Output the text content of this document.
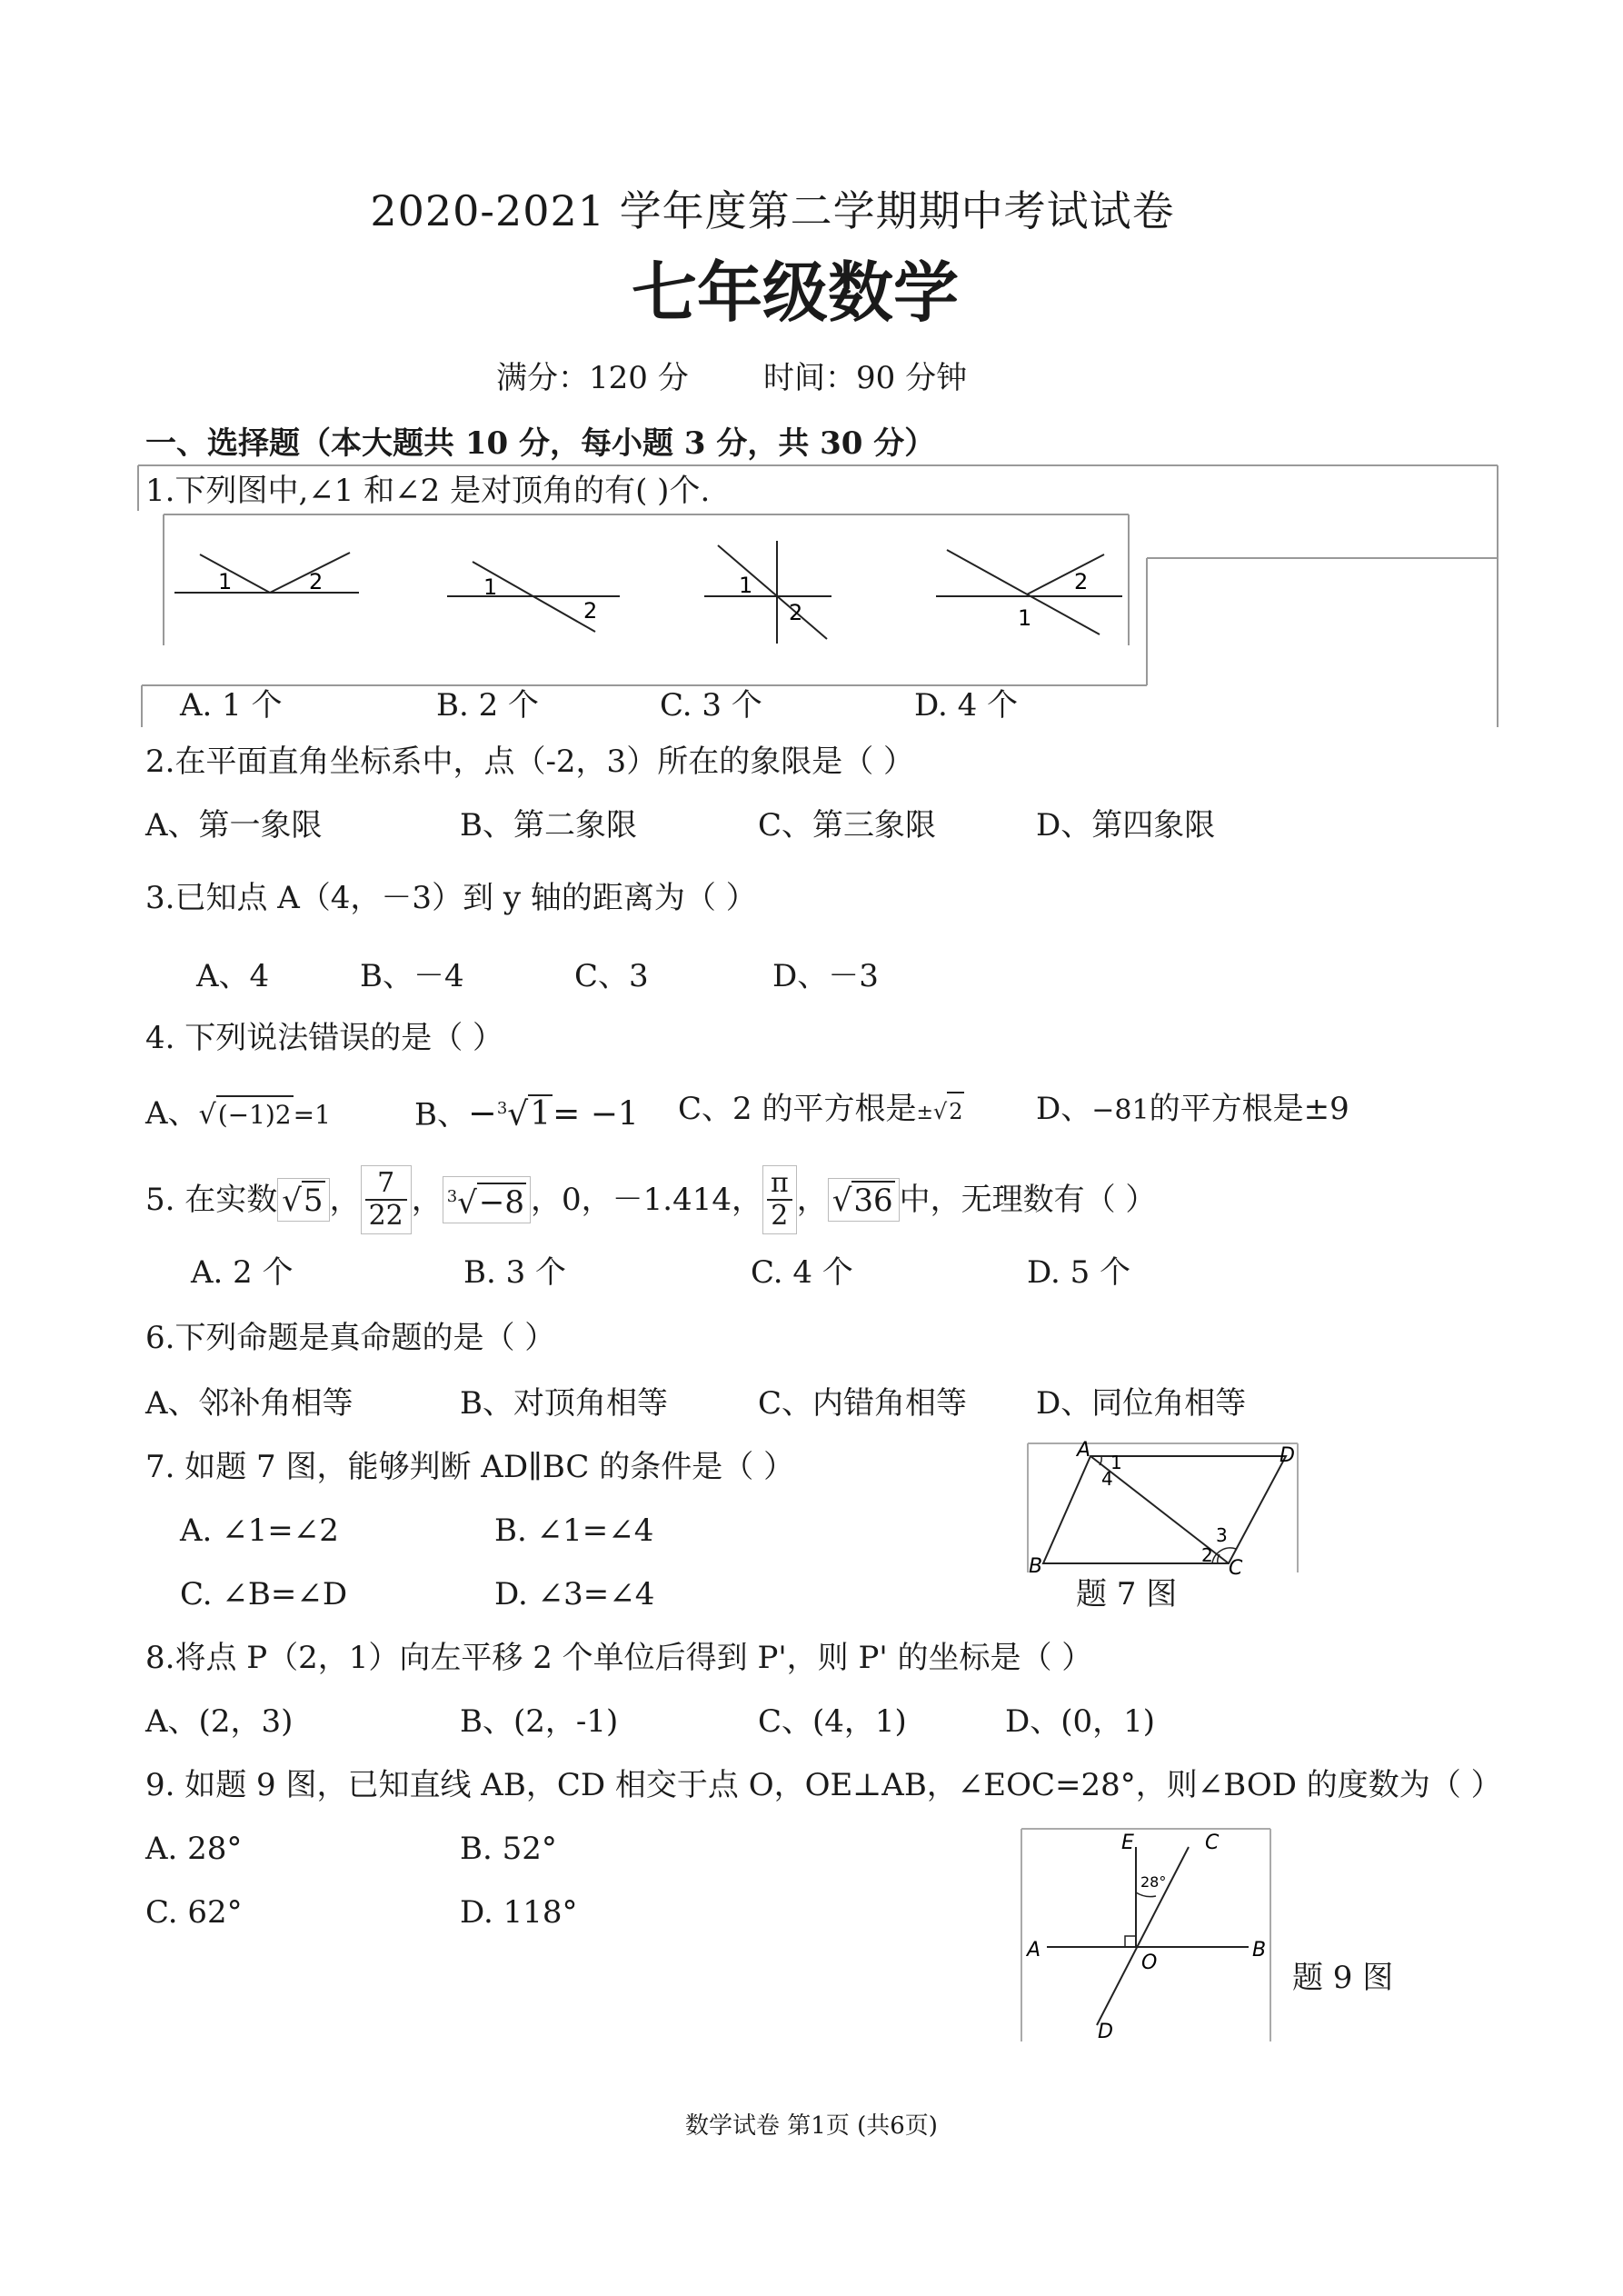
2020-2021 学年度第二学期期中考试试卷
七年级数学
满分：120 分 时间：90 分钟
一、选择题（本大题共 10 分，每小题 3 分，共 30 分）
1.下列图中,∠1 和∠2 是对顶角的有( )个.
1	2	1
2
1
2
2
1
A. 1 个	B. 2 个	C. 3 个	D. 4 个
2.在平面直角坐标系中，点（-2，3）所在的象限是（ ）
A、第一象限	B、第二象限	C、第三象限	D、第四象限
3.已知点 A（4，－3）到 y 轴的距离为（ ）
A、4	B、－4	C、3	D、－3
4. 下列说法错误的是（ ）
A、√(−1)2=1	B、−$^3$√1= −1 C、2 的平方根是±√2 D、−81的平方根是±9
5. 在实数 √5 ， $\frac{7}{22}$ ， $^3$√−8 ，0，－1.414， $\frac{\pi}{2}$ ， √36 中，无理数有（ ）
A. 2 个	B. 3 个	C. 4 个	D. 5 个
6.下列命题是真命题的是（ ）
A、邻补角相等	B、对顶角相等	C、内错角相等 D、同位角相等
7. 如题 7 图，能够判断 AD∥BC 的条件是（ ）
A. ∠1=∠2	B. ∠1=∠4
C. ∠B=∠D	D. ∠3=∠4
A	D
B	C
1
2
3
4
题 7 图
8.将点 P（2，1）向左平移 2 个单位后得到 P'，则 P' 的坐标是（ ）
A、(2，3)	B、(2，-1)	C、(4，1)	D、(0，1)
9. 如题 9 图，已知直线 AB，CD 相交于点 O，OE⊥AB，∠EOC=28°，则∠BOD 的度数为（ ）
A. 28°	B. 52°
C. 62°	D. 118°
E	C
28°
A
O
B
D
题 9 图
数学试卷 第1页 (共6页)
